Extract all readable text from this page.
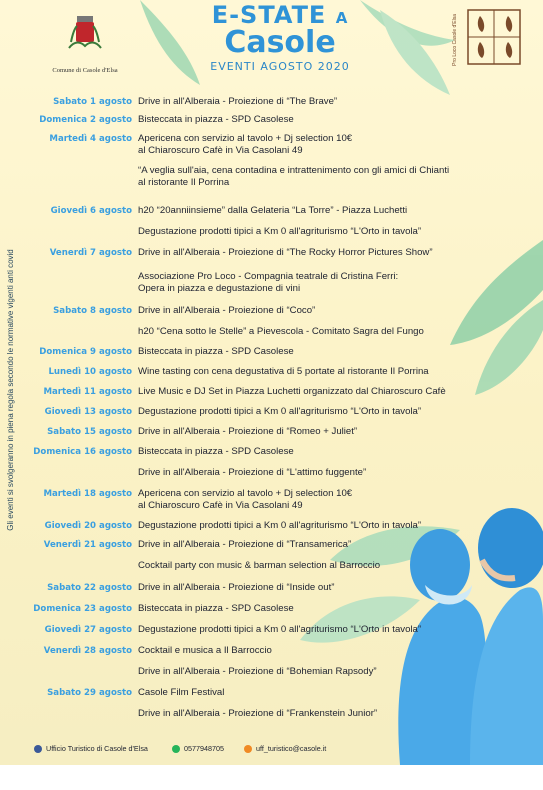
Comune di Casole d'Elsa
E-STATE A
Casole
EVENTI AGOSTO 2020
Pro Loco Casole d'Elsa
Gli eventi si svolgeranno in piena regola secondo le normative vigenti anti covid
Sabato 1 agosto Drive in all'Alberaia - Proiezione di “The Brave”
Domenica 2 agosto Bisteccata in piazza - SPD Casolese
Martedì 4 agosto Apericena con servizio al tavolo + Dj selection 10€
al Chiaroscuro Cafè in Via Casolani 49
“A veglia sull'aia, cena contadina e intrattenimento con gli amici di Chianti
al ristorante Il Porrina
Giovedì 6 agosto h20 “20anniinsieme” dalla Gelateria “La Torre” - Piazza Luchetti
Degustazione prodotti tipici a Km 0 all'agriturismo “L'Orto in tavola”
Venerdì 7 agosto Drive in all'Alberaia - Proiezione di “The Rocky Horror Pictures Show”
Associazione Pro Loco - Compagnia teatrale di Cristina Ferri:
Opera in piazza e degustazione di vini
Sabato 8 agosto Drive in all'Alberaia - Proiezione di “Coco”
h20 “Cena sotto le Stelle” a Pievescola - Comitato Sagra del Fungo
Domenica 9 agosto Bisteccata in piazza - SPD Casolese
Lunedì 10 agosto Wine tasting con cena degustativa di 5 portate al ristorante Il Porrina
Martedì 11 agosto Live Music e DJ Set in Piazza Luchetti organizzato dal Chiaroscuro Cafè
Giovedì 13 agosto Degustazione prodotti tipici a Km 0 all'agriturismo “L'Orto in tavola”
Sabato 15 agosto Drive in all'Alberaia - Proiezione di “Romeo + Juliet”
Domenica 16 agosto Bisteccata in piazza - SPD Casolese
Drive in all'Alberaia - Proiezione di “L'attimo fuggente”
Martedì 18 agosto Apericena con servizio al tavolo + Dj selection 10€
al Chiaroscuro Cafè in Via Casolani 49
Giovedì 20 agosto Degustazione prodotti tipici a Km 0 all'agriturismo “L'Orto in tavola”
Venerdì 21 agosto Drive in all'Alberaia - Proiezione di “Transamerica”
Cocktail party con music & barman selection al Barroccio
Sabato 22 agosto Drive in all'Alberaia - Proiezione di “Inside out”
Domenica 23 agosto Bisteccata in piazza - SPD Casolese
Giovedì 27 agosto Degustazione prodotti tipici a Km 0 all'agriturismo “L'Orto in tavola”
Venerdì 28 agosto Cocktail e musica a Il Barroccio
Drive in all'Alberaia - Proiezione di “Bohemian Rapsody”
Sabato 29 agosto Casole Film Festival
Drive in all'Alberaia - Proiezione di “Frankenstein Junior”
Ufficio Turistico di Casole d'Elsa	0577948705	uff_turistico@casole.it
